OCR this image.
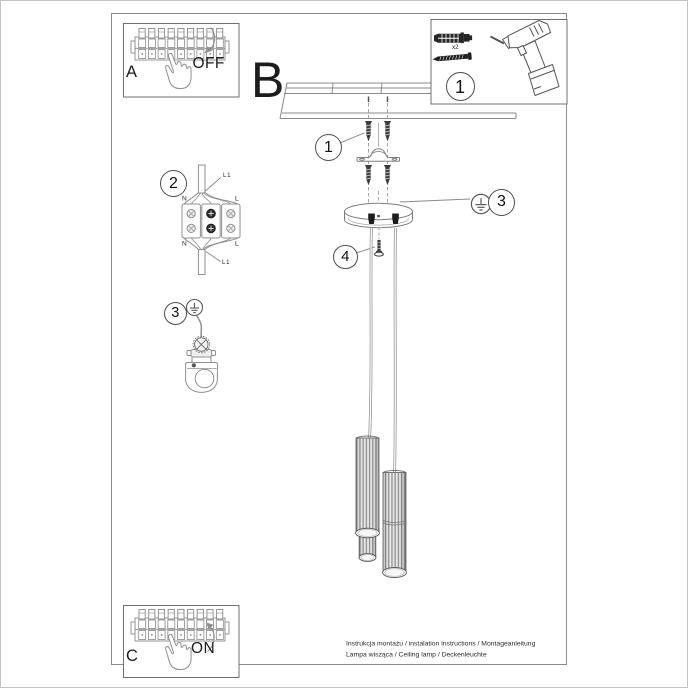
B
A	OFF
C	ON
x2
1
1
2
3
3
4
N	L
N	L
L1
L1
Instrukcja montażu / instalation instructions / Montageanleitung
Lampa wisząca / Ceiling lamp / Deckenleuchte
